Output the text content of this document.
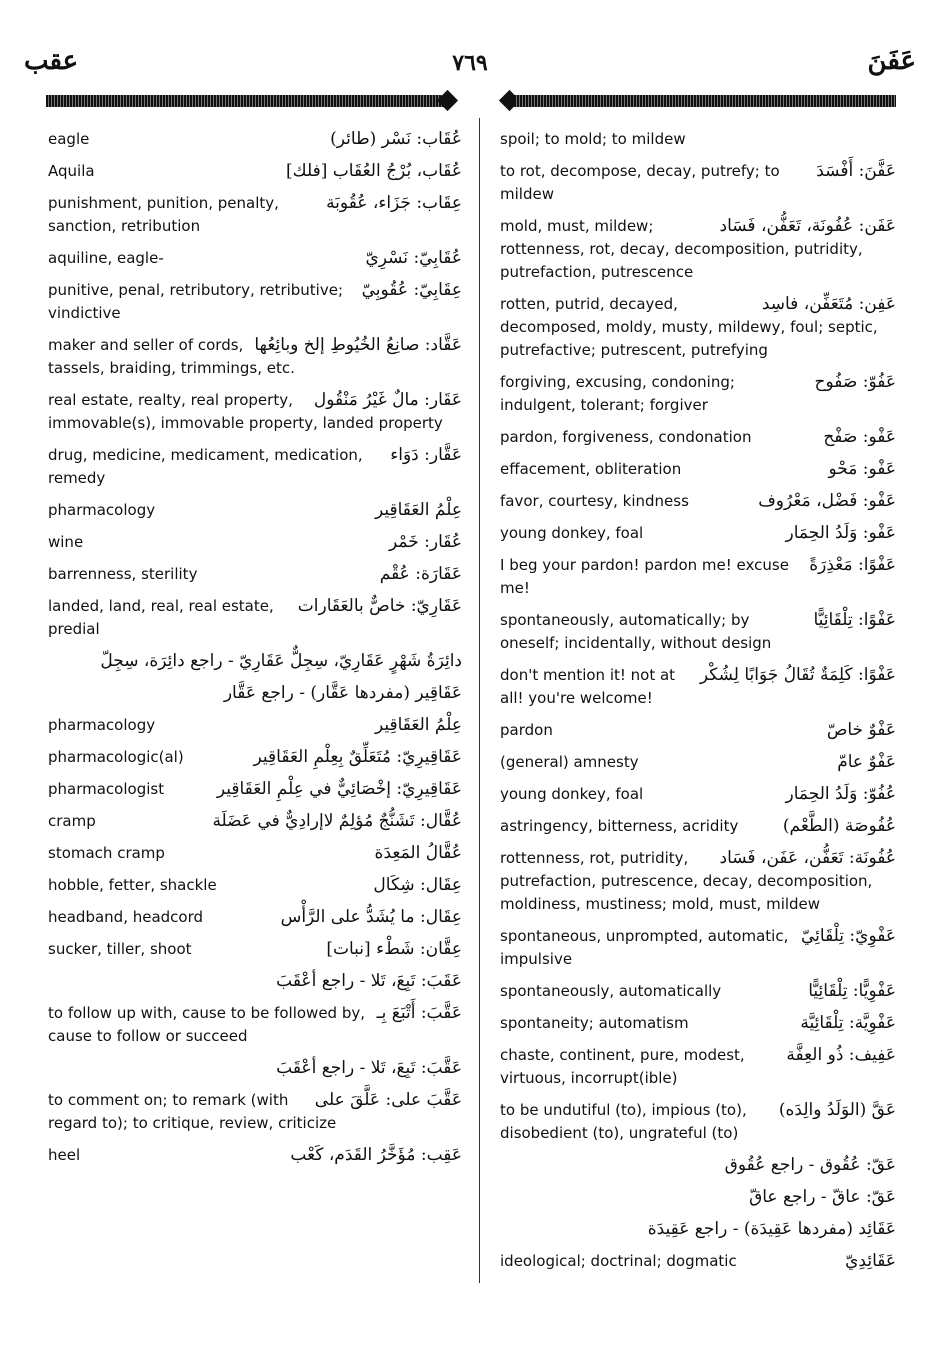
عقب	٧٦٩	عَفَنَ
عُقَاب: نَسْر (طائر)
eagle
عُقَاب، بُرْجُ العُقَاب [فلك]
Aquila
عِقَاب: جَزَاء، عُقُوبَة
punishment, punition, penalty, sanction, retribution
عُقَابِيّ: نَسْرِيّ
aquiline, eagle-
عِقَابِيّ: عُقُوبِيّ
punitive, penal, retributory, retributive; vindictive
عَقَّاد: صانِعُ الخُيُوطِ إلخ وبائِعُها
maker and seller of cords, tassels, braiding, trimmings, etc.
عَقَار: مالٌ غَيْرُ مَنْقُول
real estate, realty, real property, immovable(s), immovable property, landed property
عَقَّار: دَوَاء
drug, medicine, medicament, medication, remedy
عِلْمُ العَقَاقِير
pharmacology
عُقَار: خَمْر
wine
عَقَارَة: عُقْم
barrenness, sterility
عَقَارِيّ: خاصٌّ بالعَقَارات
landed, land, real, real estate, predial
دائِرَةُ شَهْرٍ عَقَارِيّ، سِجِلٌّ عَقَارِيّ - راجع دائِرَة، سِجِلّ
عَقَاقِير (مفردها عَقَّار) - راجع عَقَّار
عِلْمُ العَقَاقِير
pharmacology
عَقَاقِيرِيّ: مُتَعَلِّقٌ بِعِلْمِ العَقَاقِير
pharmacologic(al)
عَقَاقِيرِيّ: إخْصَائِيٌّ في عِلْمِ العَقَاقِير
pharmacologist
عُقَّال: تَشَنُّجٌ مُؤلِمٌ لاإرادِيٌّ في عَضَلَة
cramp
عُقَّالُ المَعِدَة
stomach cramp
عِقَال: شِكَال
hobble, fetter, shackle
عِقَال: ما يُشَدُّ على الرَّأْس
headband, headcord
عِقَّان: شَطْء [نبات]
sucker, tiller, shoot
عَقَبَ: تَبِعَ، تَلا - راجع أعْقَبَ
عَقَّبَ: أَتْبَعَ بِـ
to follow up with, cause to be followed by, cause to follow or succeed
عَقَّبَ: تَبِعَ، تَلا - راجع أعْقَبَ
عَقَّبَ على: عَلَّقَ على
to comment on; to remark (with regard to); to critique, review, criticize
عَقِب: مُؤَخَّرُ القَدَم، كَعْب
heel
spoil; to mold; to mildew
عَفَّنَ: أَفْسَدَ
to rot, decompose, decay, putrefy; to mildew
عَفَن: عُفُونَة، تَعَفُّن، فَسَاد
mold, must, mildew; rottenness, rot, decay, decomposition, putridity, putrefaction, putrescence
عَفِن: مُتَعَفِّن، فاسِد
rotten, putrid, decayed, decomposed, moldy, musty, mildewy, foul; septic, putrefactive; putrescent, putrefying
عَفُوّ: صَفُوح
forgiving, excusing, condoning; indulgent, tolerant; forgiver
عَفْو: صَفْح
pardon, forgiveness, condonation
عَفْو: مَحْو
effacement, obliteration
عَفْو: فَضْل، مَعْرُوف
favor, courtesy, kindness
عَفْو: وَلَدُ الحِمَار
young donkey, foal
عَفْوًا: مَعْذِرَةً
I beg your pardon! pardon me! excuse me!
عَفْوًا: تِلْقَائِيًّا
spontaneously, automatically; by oneself; incidentally, without design
عَفْوًا: كَلِمَةٌ تُقَالُ جَوَابًا لِشُكْر
don't mention it! not at all! you're welcome!
عَفْوٌ خاصّ
pardon
عَفْوٌ عامّ
(general) amnesty
عُفُوّ: وَلَدُ الحِمَار
young donkey, foal
عُفُوصَة (الطَّعْم)
astringency, bitterness, acridity
عُفُونَة: تَعَفُّن، عَفَن، فَسَاد
rottenness, rot, putridity, putrefaction, putrescence, decay, decomposition, moldiness, mustiness; mold, must, mildew
عَفْوِيّ: تِلْقَائِيّ
spontaneous, unprompted, automatic, impulsive
عَفْوِيًّا: تِلْقَائِيًّا
spontaneously, automatically
عَفْوِيَّة: تِلْقَائِيَّة
spontaneity; automatism
عَفِيف: ذُو العِفَّة
chaste, continent, pure, modest, virtuous, incorrupt(ible)
عَقَّ (الوَلَدُ والِدَه)
to be undutiful (to), impious (to), disobedient (to), ungrateful (to)
عَقّ: عُقُوق - راجع عُقُوق
عَقّ: عاقّ - راجع عاقّ
عَقَائِد (مفردها عَقِيدَة) - راجع عَقِيدَة
عَقَائِدِيّ
ideological; doctrinal; dogmatic
